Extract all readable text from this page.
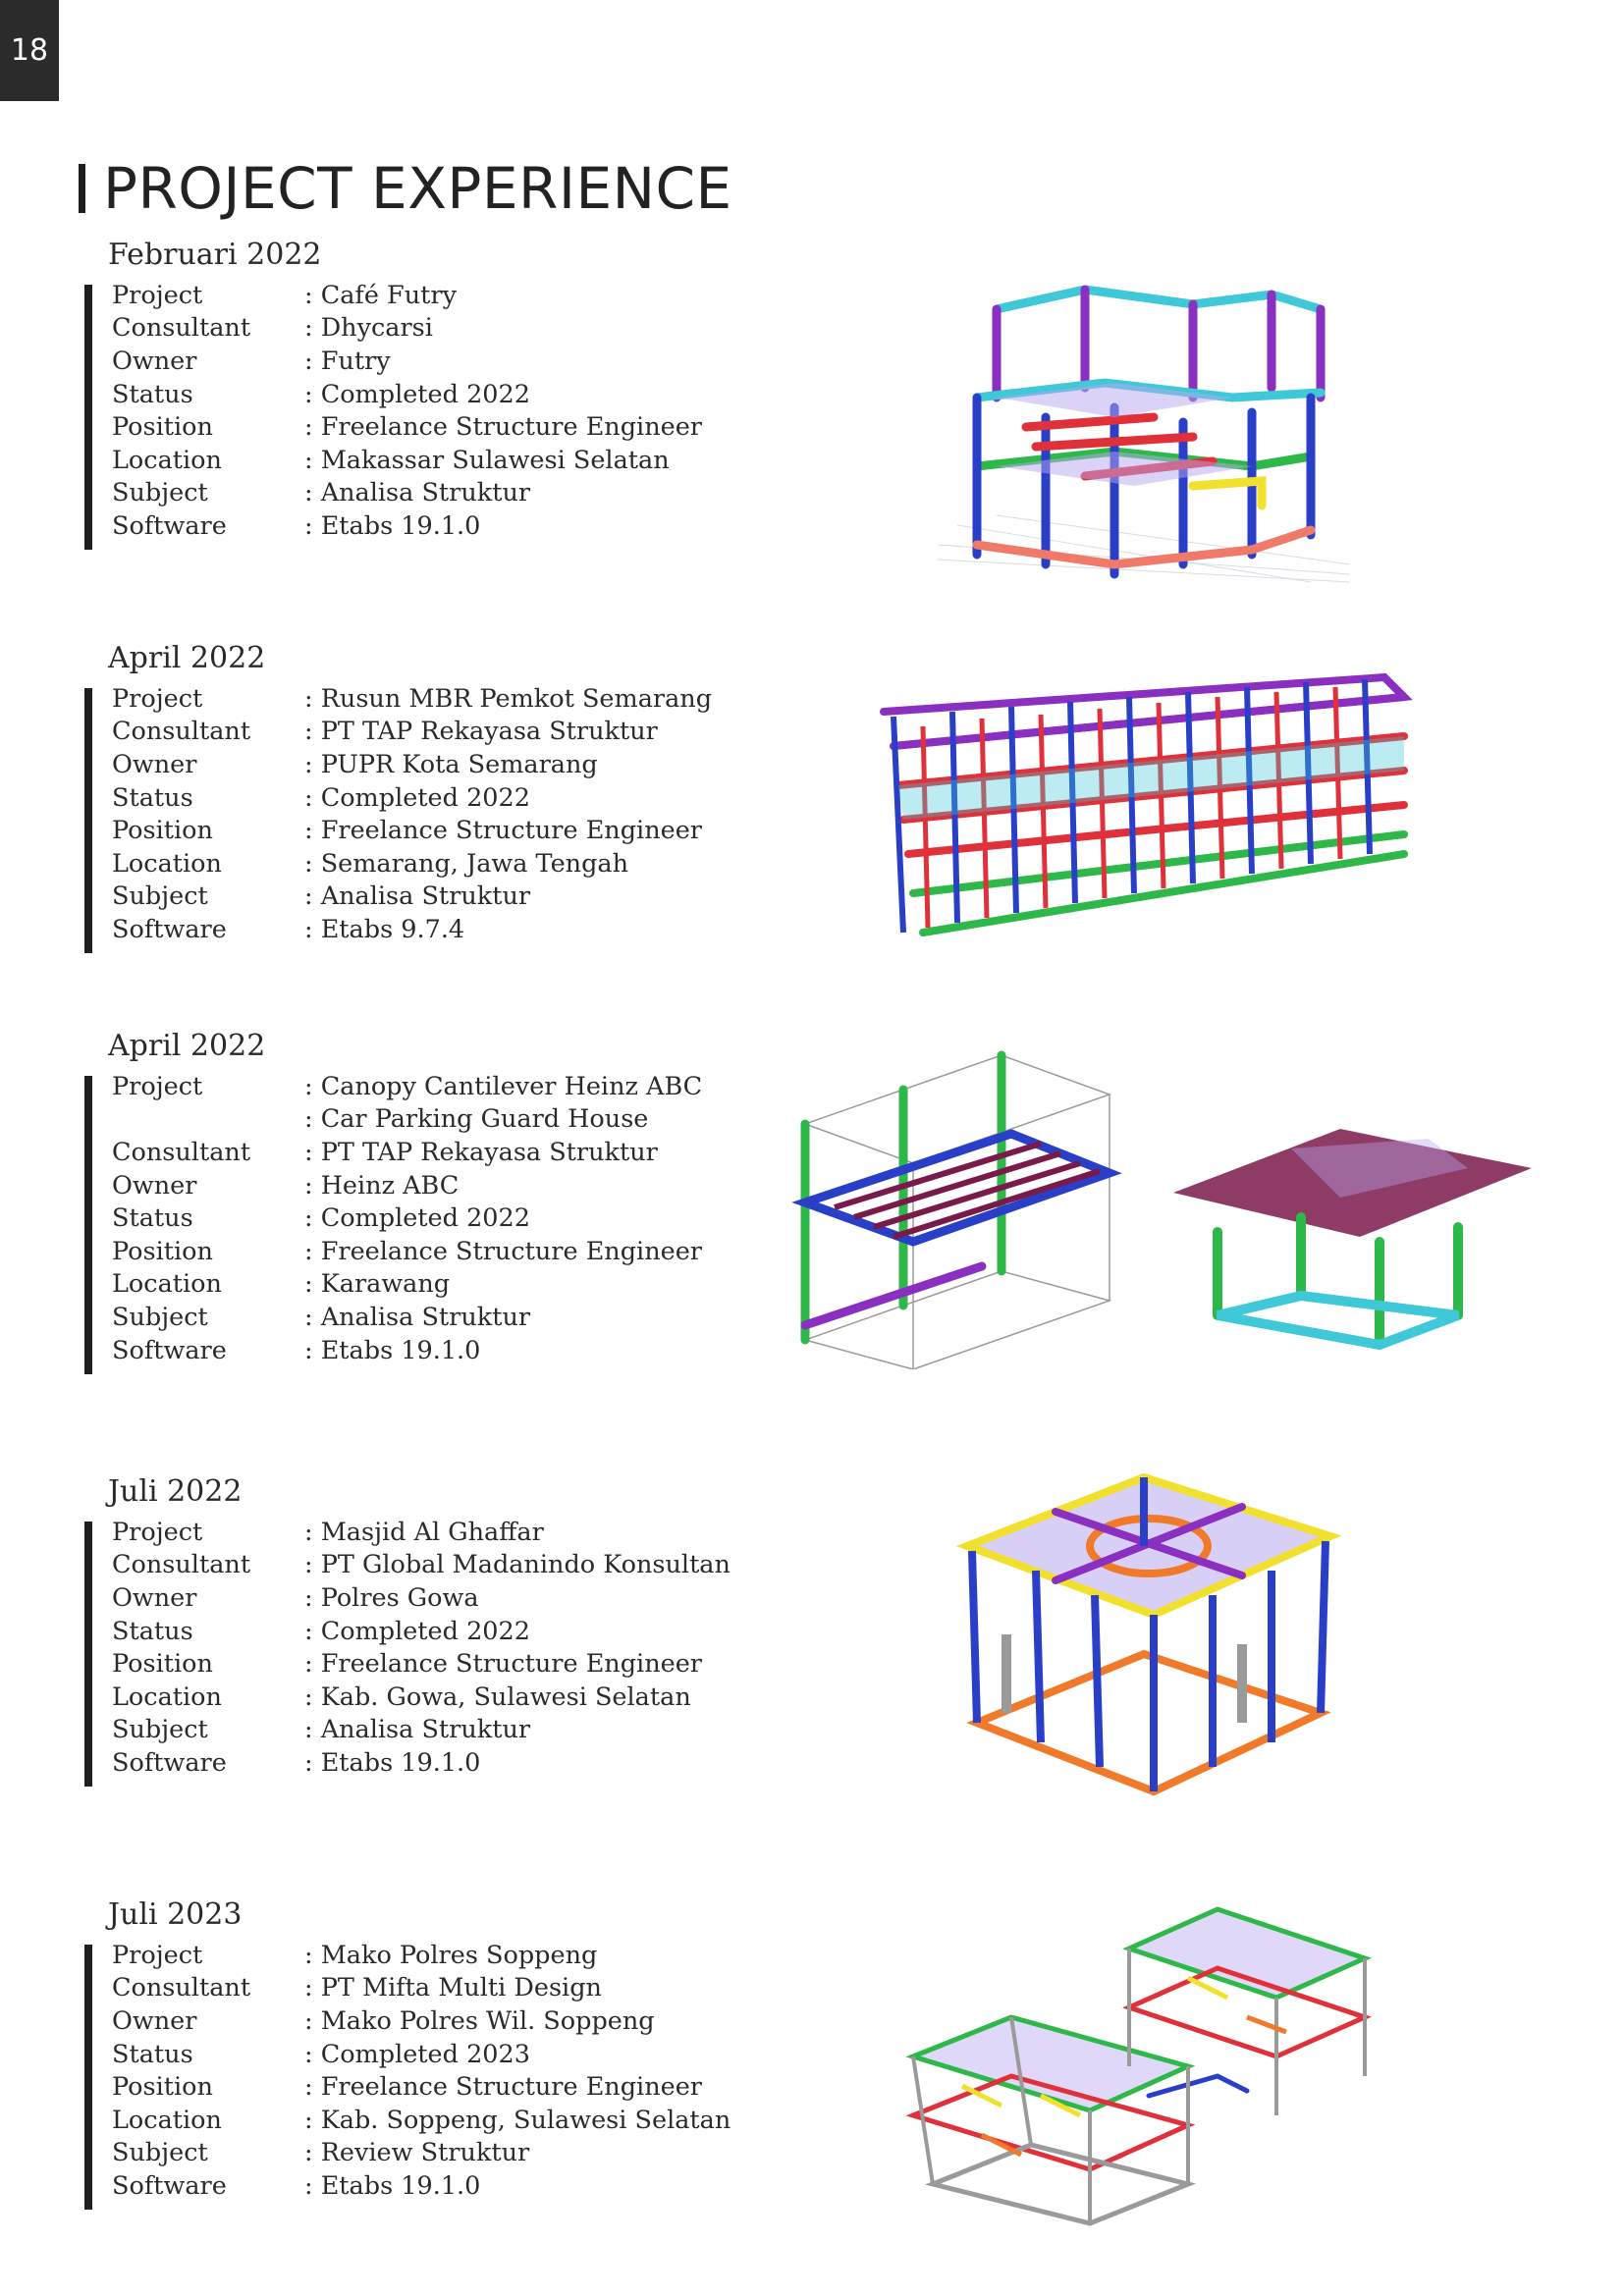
18
PROJECT EXPERIENCE
Februari 2022
Project	: Café Futry
Consultant	: Dhycarsi
Owner	: Futry
Status	: Completed 2022
Position	: Freelance Structure Engineer
Location	: Makassar Sulawesi Selatan
Subject	: Analisa Struktur
Software	: Etabs 19.1.0
April 2022
Project	: Rusun MBR Pemkot Semarang
Consultant	: PT TAP Rekayasa Struktur
Owner	: PUPR Kota Semarang
Status	: Completed 2022
Position	: Freelance Structure Engineer
Location	: Semarang, Jawa Tengah
Subject	: Analisa Struktur
Software	: Etabs 9.7.4
April 2022
Project	: Canopy Cantilever Heinz ABC
: Car Parking Guard House
Consultant	: PT TAP Rekayasa Struktur
Owner	: Heinz ABC
Status	: Completed 2022
Position	: Freelance Structure Engineer
Location	: Karawang
Subject	: Analisa Struktur
Software	: Etabs 19.1.0
Juli 2022
Project	: Masjid Al Ghaffar
Consultant	: PT Global Madanindo Konsultan
Owner	: Polres Gowa
Status	: Completed 2022
Position	: Freelance Structure Engineer
Location	: Kab. Gowa, Sulawesi Selatan
Subject	: Analisa Struktur
Software	: Etabs 19.1.0
Juli 2023
Project	: Mako Polres Soppeng
Consultant	: PT Mifta Multi Design
Owner	: Mako Polres Wil. Soppeng
Status	: Completed 2023
Position	: Freelance Structure Engineer
Location	: Kab. Soppeng, Sulawesi Selatan
Subject	: Review Struktur
Software	: Etabs 19.1.0
